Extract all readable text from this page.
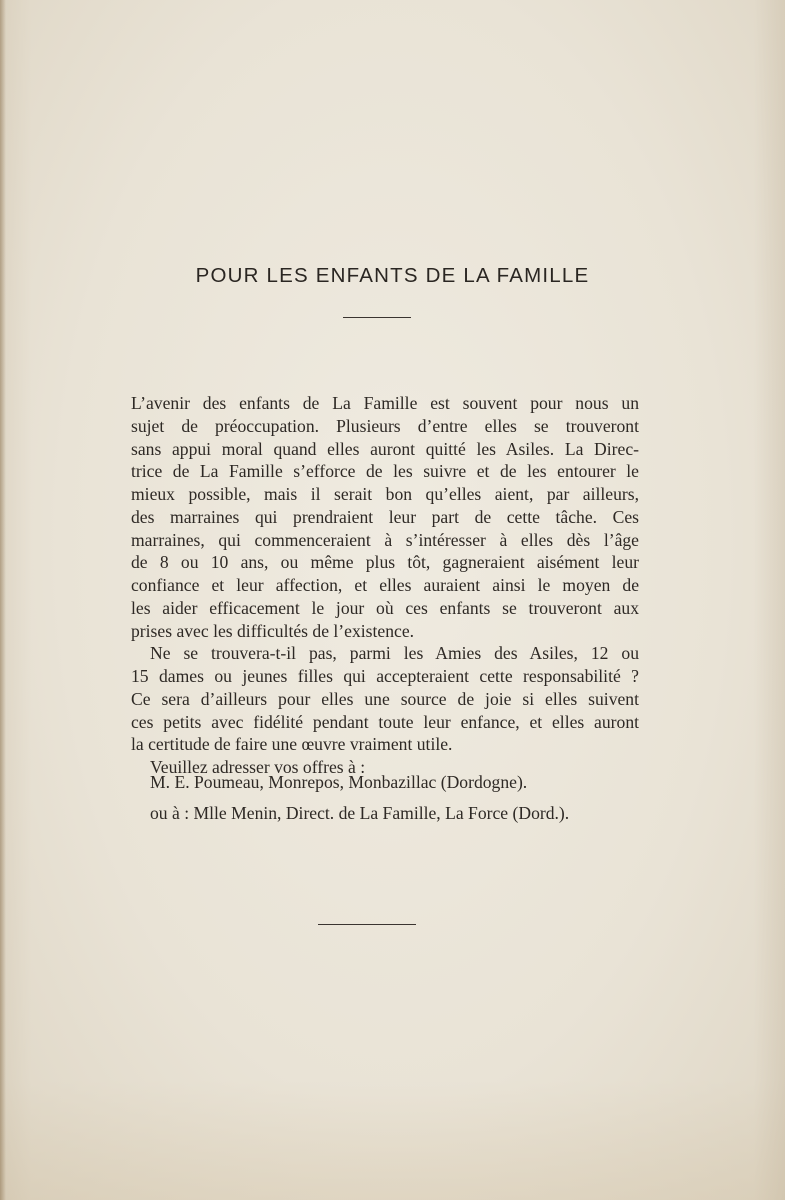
POUR LES ENFANTS DE LA FAMILLE
L’avenir des enfants de La Famille est souvent pour nous un
sujet de préoccupation. Plusieurs d’entre elles se trouveront
sans appui moral quand elles auront quitté les Asiles. La Direc-
trice de La Famille s’efforce de les suivre et de les entourer le
mieux possible, mais il serait bon qu’elles aient, par ailleurs,
des marraines qui prendraient leur part de cette tâche. Ces
marraines, qui commenceraient à s’intéresser à elles dès l’âge
de 8 ou 10 ans, ou même plus tôt, gagneraient aisément leur
confiance et leur affection, et elles auraient ainsi le moyen de
les aider efficacement le jour où ces enfants se trouveront aux
prises avec les difficultés de l’existence.
Ne se trouvera-t-il pas, parmi les Amies des Asiles, 12 ou
15 dames ou jeunes filles qui accepteraient cette responsabilité ?
Ce sera d’ailleurs pour elles une source de joie si elles suivent
ces petits avec fidélité pendant toute leur enfance, et elles auront
la certitude de faire une œuvre vraiment utile.
Veuillez adresser vos offres à :
M. E. Poumeau, Monrepos, Monbazillac (Dordogne).
ou à : Mlle Menin, Direct. de La Famille, La Force (Dord.).
